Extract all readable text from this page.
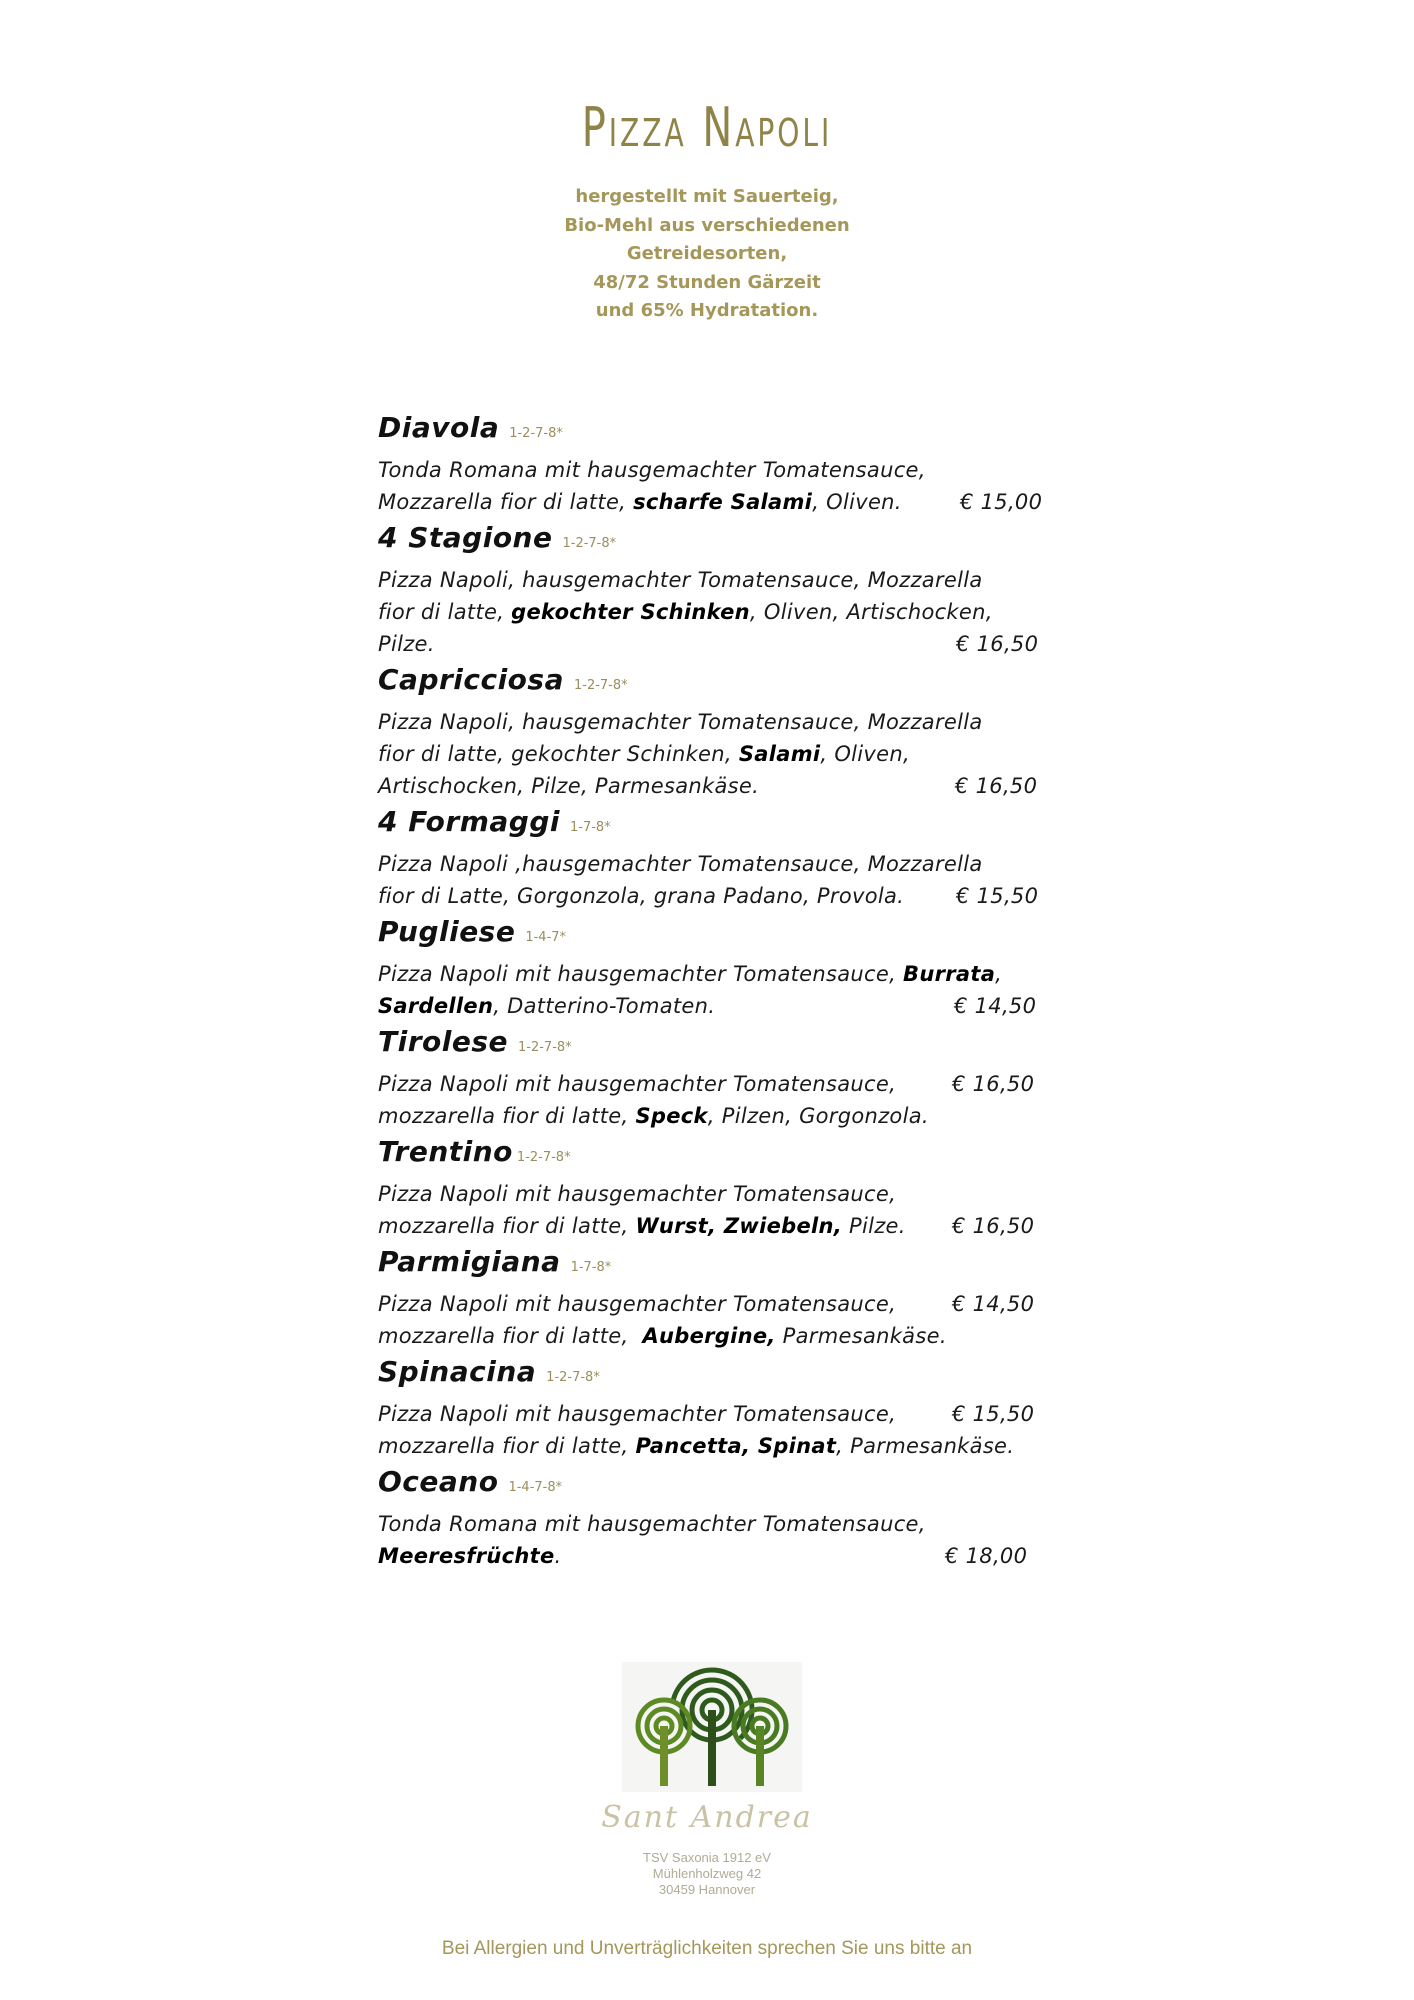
Pizza Napoli
hergestellt mit Sauerteig,
Bio-Mehl aus verschiedenen
Getreidesorten,
48/72 Stunden Gärzeit
und 65% Hydratation.
Diavola 1-2-7-8*
Tonda Romana mit hausgemachter Tomatensauce,
Mozzarella fior di latte, scharfe Salami, Oliven.	€ 15,00
4 Stagione 1-2-7-8*
Pizza Napoli, hausgemachter Tomatensauce, Mozzarella
fior di latte, gekochter Schinken, Oliven, Artischocken,
Pilze.	€ 16,50
Capricciosa 1-2-7-8*
Pizza Napoli, hausgemachter Tomatensauce, Mozzarella
fior di latte, gekochter Schinken, Salami, Oliven,
Artischocken, Pilze, Parmesankäse.	€ 16,50
4 Formaggi 1-7-8*
Pizza Napoli ,hausgemachter Tomatensauce, Mozzarella
fior di Latte, Gorgonzola, grana Padano, Provola. € 15,50
Pugliese 1-4-7*
Pizza Napoli mit hausgemachter Tomatensauce, Burrata,
Sardellen, Datterino-Tomaten.	€ 14,50
Tirolese 1-2-7-8*
Pizza Napoli mit hausgemachter Tomatensauce,	€ 16,50
mozzarella fior di latte, Speck, Pilzen, Gorgonzola.
Trentino 1-2-7-8*
Pizza Napoli mit hausgemachter Tomatensauce,
mozzarella fior di latte, Wurst, Zwiebeln, Pilze. € 16,50
Parmigiana 1-7-8*
Pizza Napoli mit hausgemachter Tomatensauce,	€ 14,50
mozzarella fior di latte,  Aubergine, Parmesankäse.
Spinacina 1-2-7-8*
Pizza Napoli mit hausgemachter Tomatensauce,	€ 15,50
mozzarella fior di latte, Pancetta, Spinat, Parmesankäse.
Oceano 1-4-7-8*
Tonda Romana mit hausgemachter Tomatensauce,
Meeresfrüchte.	€ 18,00
Sant Andrea
TSV Saxonia 1912 eV
Mühlenholzweg 42
30459 Hannover
Bei Allergien und Unverträglichkeiten sprechen Sie uns bitte an
